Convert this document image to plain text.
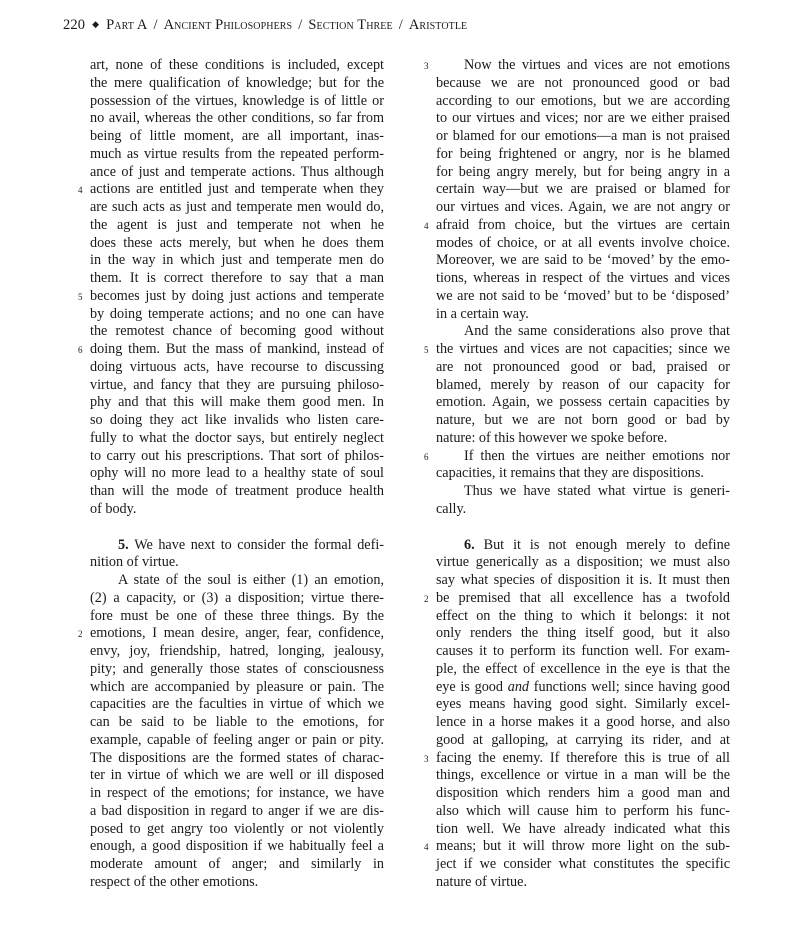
220 ◆ Part A / Ancient Philosophers / Section Three / Aristotle
art, none of these conditions is included, except
the mere qualification of knowledge; but for the
possession of the virtues, knowledge is of little or
no avail, whereas the other conditions, so far from
being of little moment, are all important, inas-
much as virtue results from the repeated perform-
ance of just and temperate actions. Thus although
4 actions are entitled just and temperate when they
are such acts as just and temperate men would do,
the agent is just and temperate not when he
does these acts merely, but when he does them
in the way in which just and temperate men do
them. It is correct therefore to say that a man
5 becomes just by doing just actions and temperate
by doing temperate actions; and no one can have
the remotest chance of becoming good without
6 doing them. But the mass of mankind, instead of
doing virtuous acts, have recourse to discussing
virtue, and fancy that they are pursuing philoso-
phy and that this will make them good men. In
so doing they act like invalids who listen care-
fully to what the doctor says, but entirely neglect
to carry out his prescriptions. That sort of philos-
ophy will no more lead to a healthy state of soul
than will the mode of treatment produce health
of body.
5. We have next to consider the formal defi-
nition of virtue.
A state of the soul is either (1) an emotion,
(2) a capacity, or (3) a disposition; virtue there-
fore must be one of these three things. By the
2 emotions, I mean desire, anger, fear, confidence,
envy, joy, friendship, hatred, longing, jealousy,
pity; and generally those states of consciousness
which are accompanied by pleasure or pain. The
capacities are the faculties in virtue of which we
can be said to be liable to the emotions, for
example, capable of feeling anger or pain or pity.
The dispositions are the formed states of charac-
ter in virtue of which we are well or ill disposed
in respect of the emotions; for instance, we have
a bad disposition in regard to anger if we are dis-
posed to get angry too violently or not violently
enough, a good disposition if we habitually feel a
moderate amount of anger; and similarly in
respect of the other emotions.
3	Now the virtues and vices are not emotions
because we are not pronounced good or bad
according to our emotions, but we are according
to our virtues and vices; nor are we either praised
or blamed for our emotions—a man is not praised
for being frightened or angry, nor is he blamed
for being angry merely, but for being angry in a
certain way—but we are praised or blamed for
our virtues and vices. Again, we are not angry or
4 afraid from choice, but the virtues are certain
modes of choice, or at all events involve choice.
Moreover, we are said to be ‘moved’ by the emo-
tions, whereas in respect of the virtues and vices
we are not said to be ‘moved’ but to be ‘disposed’
in a certain way.
And the same considerations also prove that
5 the virtues and vices are not capacities; since we
are not pronounced good or bad, praised or
blamed, merely by reason of our capacity for
emotion. Again, we possess certain capacities by
nature, but we are not born good or bad by
nature: of this however we spoke before.
6	If then the virtues are neither emotions nor
capacities, it remains that they are dispositions.
Thus we have stated what virtue is generi-
cally.
6. But it is not enough merely to define
virtue generically as a disposition; we must also
say what species of disposition it is. It must then
2 be premised that all excellence has a twofold
effect on the thing to which it belongs: it not
only renders the thing itself good, but it also
causes it to perform its function well. For exam-
ple, the effect of excellence in the eye is that the
eye is good and functions well; since having good
eyes means having good sight. Similarly excel-
lence in a horse makes it a good horse, and also
good at galloping, at carrying its rider, and at
3 facing the enemy. If therefore this is true of all
things, excellence or virtue in a man will be the
disposition which renders him a good man and
also which will cause him to perform his func-
tion well. We have already indicated what this
4 means; but it will throw more light on the sub-
ject if we consider what constitutes the specific
nature of virtue.
